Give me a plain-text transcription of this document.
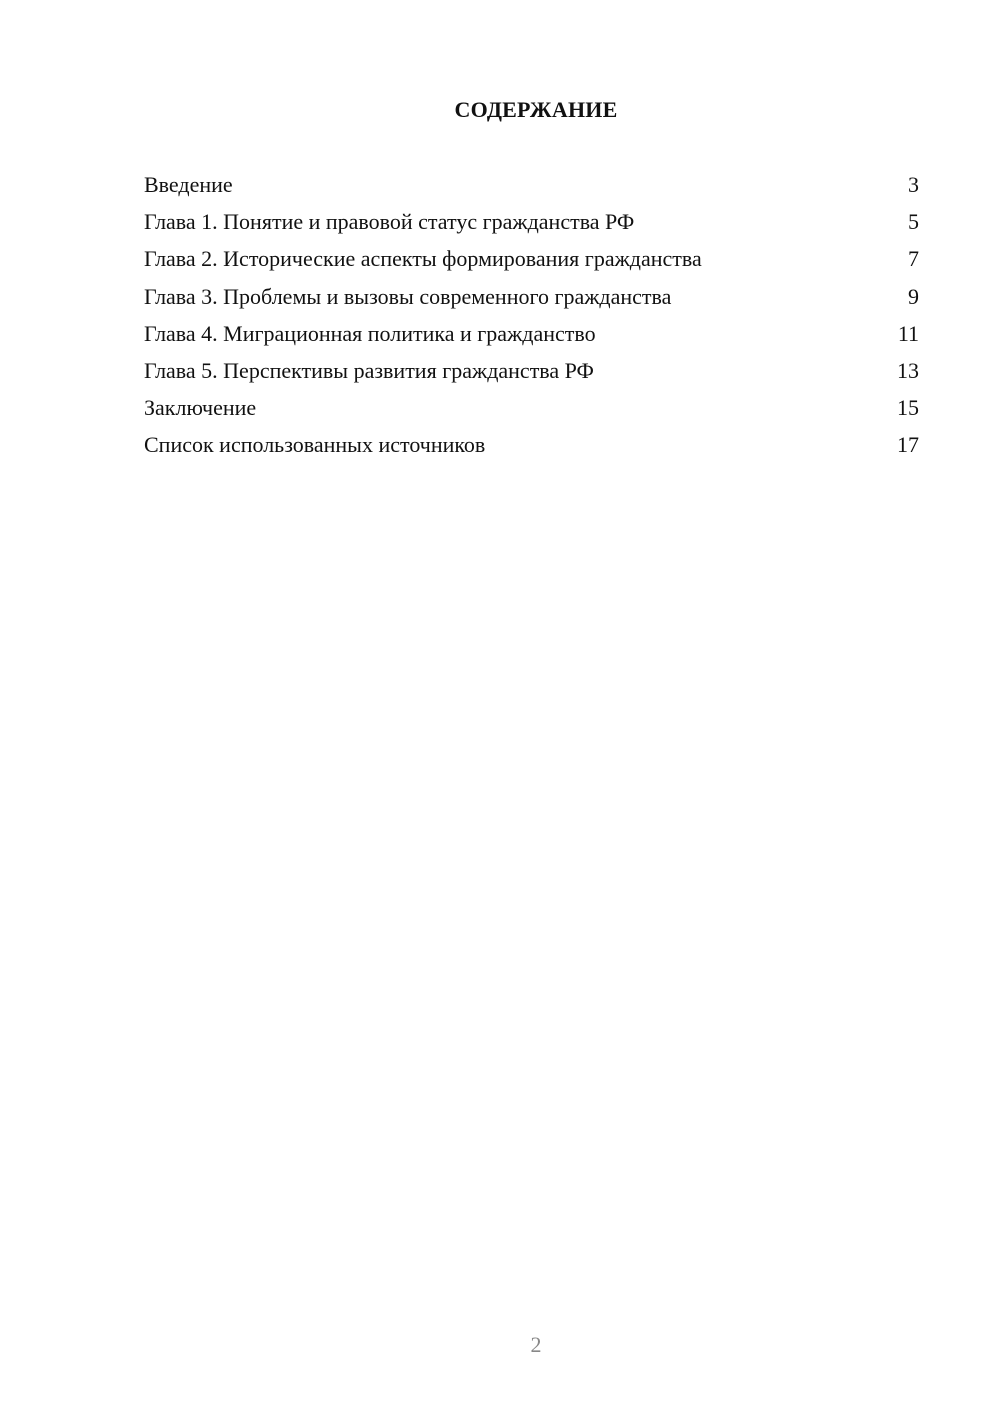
СОДЕРЖАНИЕ
Введение	3
Глава 1. Понятие и правовой статус гражданства РФ	5
Глава 2. Исторические аспекты формирования гражданства	7
Глава 3. Проблемы и вызовы современного гражданства	9
Глава 4. Миграционная политика и гражданство	11
Глава 5. Перспективы развития гражданства РФ	13
Заключение	15
Список использованных источников	17
2
